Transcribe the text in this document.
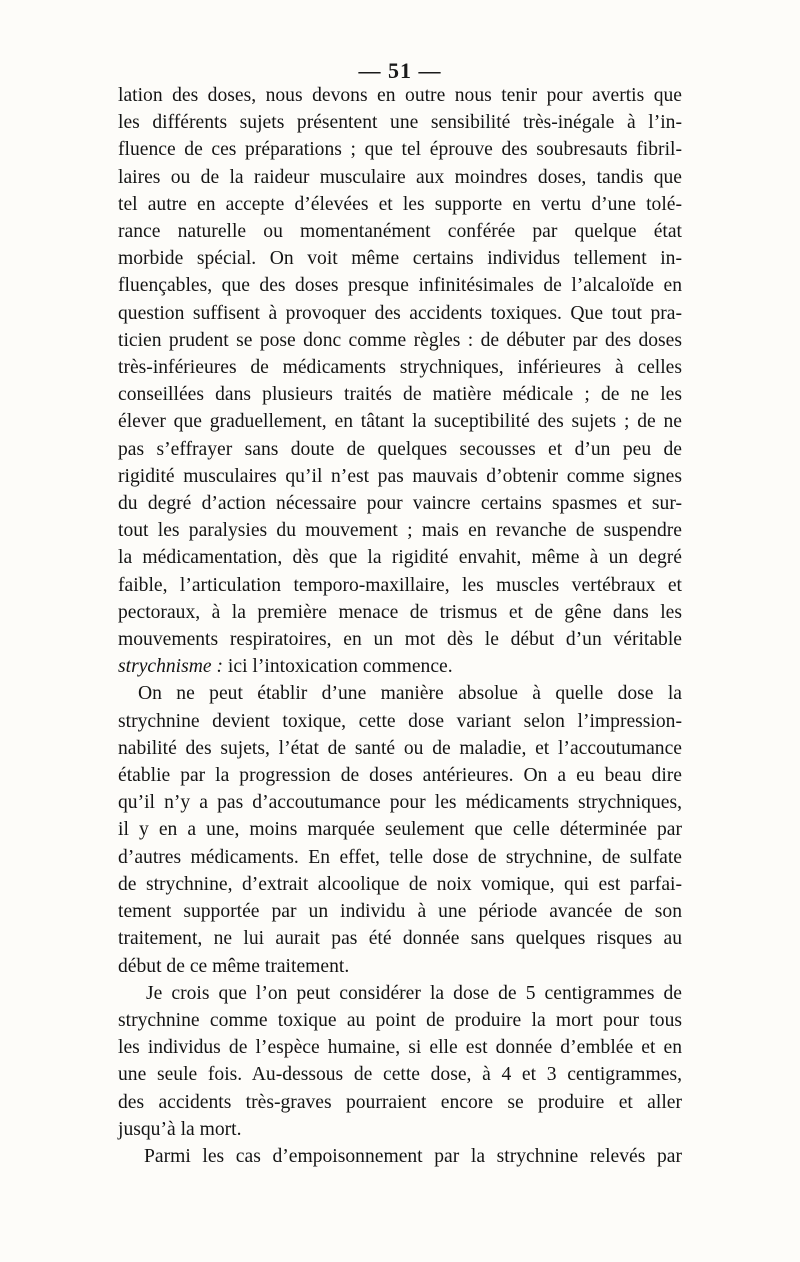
— 51 —
lation des doses, nous devons en outre nous tenir pour avertis que
les différents sujets présentent une sensibilité très-inégale à l’in-
fluence de ces préparations ; que tel éprouve des soubresauts fibril-
laires ou de la raideur musculaire aux moindres doses, tandis que
tel autre en accepte d’élevées et les supporte en vertu d’une tolé-
rance naturelle ou momentanément conférée par quelque état
morbide spécial. On voit même certains individus tellement in-
fluençables, que des doses presque infinitésimales de l’alcaloïde en
question suffisent à provoquer des accidents toxiques. Que tout pra-
ticien prudent se pose donc comme règles : de débuter par des doses
très-inférieures de médicaments strychniques, inférieures à celles
conseillées dans plusieurs traités de matière médicale ; de ne les
élever que graduellement, en tâtant la suceptibilité des sujets ; de ne
pas s’effrayer sans doute de quelques secousses et d’un peu de
rigidité musculaires qu’il n’est pas mauvais d’obtenir comme signes
du degré d’action nécessaire pour vaincre certains spasmes et sur-
tout les paralysies du mouvement ; mais en revanche de suspendre
la médicamentation, dès que la rigidité envahit, même à un degré
faible, l’articulation temporo-maxillaire, les muscles vertébraux et
pectoraux, à la première menace de trismus et de gêne dans les
mouvements respiratoires, en un mot dès le début d’un véritable
strychnisme : ici l’intoxication commence.
On ne peut établir d’une manière absolue à quelle dose la
strychnine devient toxique, cette dose variant selon l’impression-
nabilité des sujets, l’état de santé ou de maladie, et l’accoutumance
établie par la progression de doses antérieures. On a eu beau dire
qu’il n’y a pas d’accoutumance pour les médicaments strychniques,
il y en a une, moins marquée seulement que celle déterminée par
d’autres médicaments. En effet, telle dose de strychnine, de sulfate
de strychnine, d’extrait alcoolique de noix vomique, qui est parfai-
tement supportée par un individu à une période avancée de son
traitement, ne lui aurait pas été donnée sans quelques risques au
début de ce même traitement.
Je crois que l’on peut considérer la dose de 5 centigrammes de
strychnine comme toxique au point de produire la mort pour tous
les individus de l’espèce humaine, si elle est donnée d’emblée et en
une seule fois. Au-dessous de cette dose, à 4 et 3 centigrammes,
des accidents très-graves pourraient encore se produire et aller
jusqu’à la mort.
Parmi les cas d’empoisonnement par la strychnine relevés par
